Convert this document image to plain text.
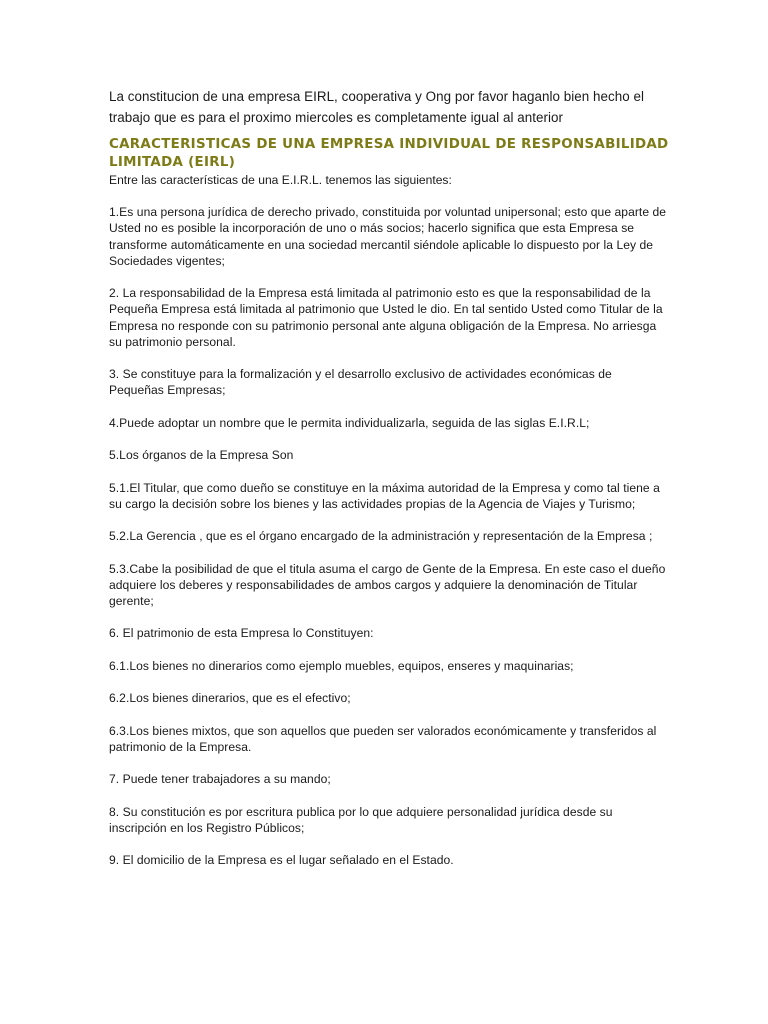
La constitucion de una empresa EIRL, cooperativa y Ong por favor haganlo bien hecho el trabajo que es para el proximo miercoles es completamente igual al anterior

CARACTERISTICAS DE UNA EMPRESA INDIVIDUAL DE RESPONSABILIDAD LIMITADA (EIRL)

Entre las características de una E.I.R.L. tenemos las siguientes:

1.Es una persona jurídica de derecho privado, constituida por voluntad unipersonal; esto que aparte de Usted no es posible la incorporación de uno o más socios; hacerlo significa que esta Empresa se transforme automáticamente en una sociedad mercantil siéndole aplicable lo dispuesto por la Ley de Sociedades vigentes;

2. La responsabilidad de la Empresa está limitada al patrimonio esto es que la responsabilidad de la Pequeña Empresa está limitada al patrimonio que Usted le dio. En tal sentido Usted como Titular de la Empresa no responde con su patrimonio personal ante alguna obligación de la Empresa. No arriesga su patrimonio personal.

3. Se constituye para la formalización y el desarrollo exclusivo de actividades económicas de Pequeñas Empresas;

4.Puede adoptar un nombre que le permita individualizarla, seguida de las siglas E.I.R.L;

5.Los órganos de la Empresa Son

5.1.El Titular, que como dueño se constituye en la máxima autoridad de la Empresa y como tal tiene a su cargo la decisión sobre los bienes y las actividades propias de la Agencia de Viajes y Turismo;

5.2.La Gerencia , que es el órgano encargado de la administración y representación de la Empresa ;

5.3.Cabe la posibilidad de que el titula asuma el cargo de Gente de la Empresa. En este caso el dueño adquiere los deberes y responsabilidades de ambos cargos y adquiere la denominación de Titular gerente;

6. El patrimonio de esta Empresa lo Constituyen:

6.1.Los bienes no dinerarios como ejemplo muebles, equipos, enseres y maquinarias;

6.2.Los bienes dinerarios, que es el efectivo;

6.3.Los bienes mixtos, que son aquellos que pueden ser valorados económicamente y transferidos al patrimonio de la Empresa.

7. Puede tener trabajadores a su mando;

8. Su constitución es por escritura publica por lo que adquiere personalidad jurídica desde su inscripción en los Registro Públicos;

9. El domicilio de la Empresa es el lugar señalado en el Estado.
